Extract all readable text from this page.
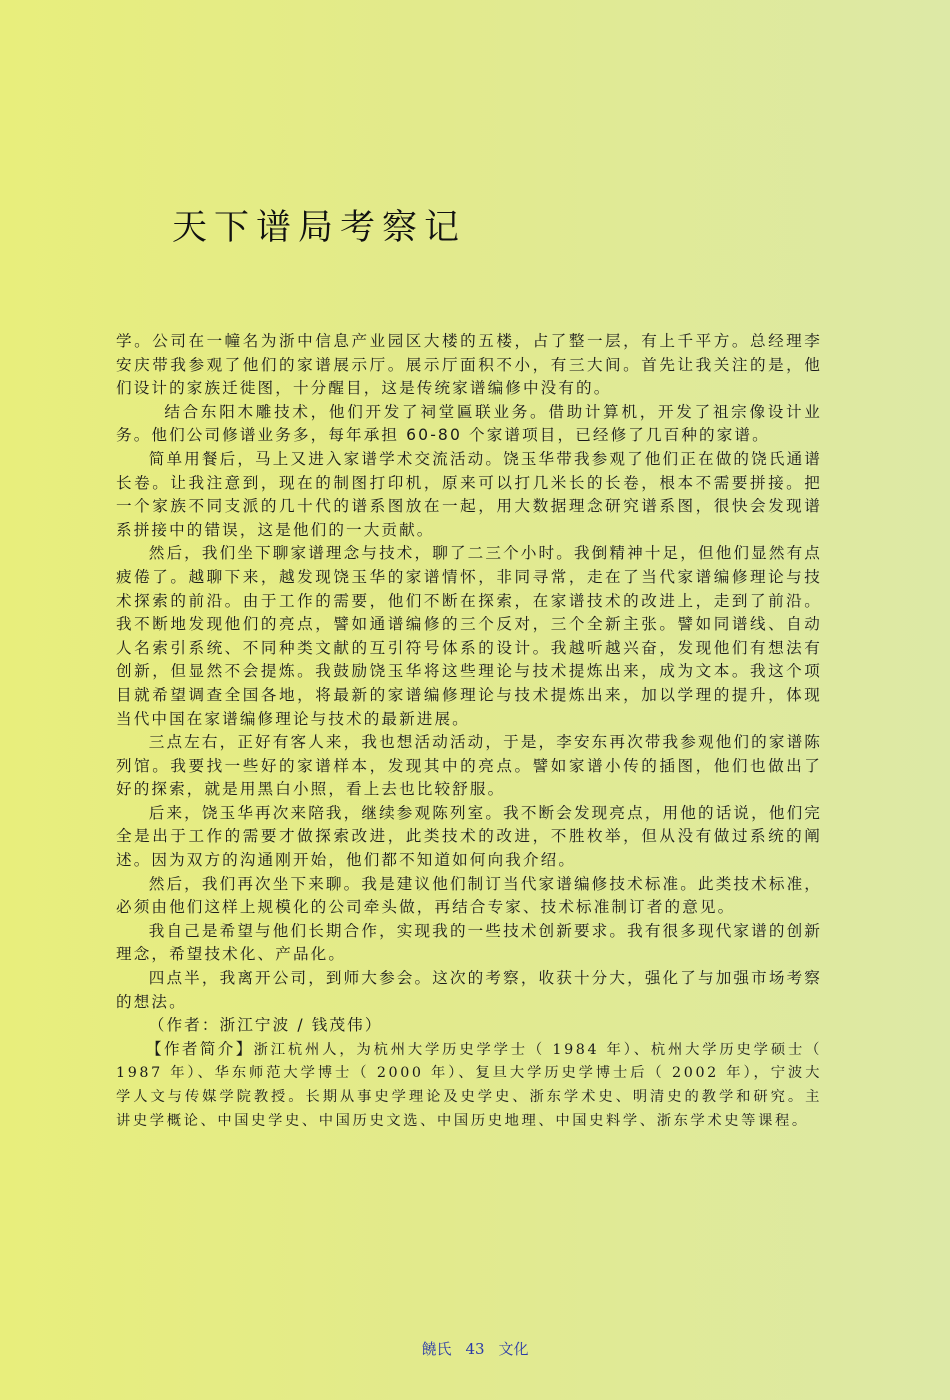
天下谱局考察记

学。公司在一幢名为浙中信息产业园区大楼的五楼，占了整一层，有上千平方。总经理李安庆带我参观了他们的家谱展示厅。展示厅面积不小，有三大间。首先让我关注的是，他们设计的家族迁徙图，十分醒目，这是传统家谱编修中没有的。

结合东阳木雕技术，他们开发了祠堂匾联业务。借助计算机，开发了祖宗像设计业务。他们公司修谱业务多，每年承担 60-80 个家谱项目，已经修了几百种的家谱。

简单用餐后，马上又进入家谱学术交流活动。饶玉华带我参观了他们正在做的饶氏通谱长卷。让我注意到，现在的制图打印机，原来可以打几米长的长卷，根本不需要拼接。把一个家族不同支派的几十代的谱系图放在一起，用大数据理念研究谱系图，很快会发现谱系拼接中的错误，这是他们的一大贡献。

然后，我们坐下聊家谱理念与技术，聊了二三个小时。我倒精神十足，但他们显然有点疲倦了。越聊下来，越发现饶玉华的家谱情怀，非同寻常，走在了当代家谱编修理论与技术探索的前沿。由于工作的需要，他们不断在探索，在家谱技术的改进上，走到了前沿。我不断地发现他们的亮点，譬如通谱编修的三个反对，三个全新主张。譬如同谱线、自动人名索引系统、不同种类文献的互引符号体系的设计。我越听越兴奋，发现他们有想法有创新，但显然不会提炼。我鼓励饶玉华将这些理论与技术提炼出来，成为文本。我这个项目就希望调查全国各地，将最新的家谱编修理论与技术提炼出来，加以学理的提升，体现当代中国在家谱编修理论与技术的最新进展。

三点左右，正好有客人来，我也想活动活动，于是，李安东再次带我参观他们的家谱陈列馆。我要找一些好的家谱样本，发现其中的亮点。譬如家谱小传的插图，他们也做出了好的探索，就是用黑白小照，看上去也比较舒服。

后来，饶玉华再次来陪我，继续参观陈列室。我不断会发现亮点，用他的话说，他们完全是出于工作的需要才做探索改进，此类技术的改进，不胜枚举，但从没有做过系统的阐述。因为双方的沟通刚开始，他们都不知道如何向我介绍。

然后，我们再次坐下来聊。我是建议他们制订当代家谱编修技术标准。此类技术标准，必须由他们这样上规模化的公司牵头做，再结合专家、技术标准制订者的意见。

我自己是希望与他们长期合作，实现我的一些技术创新要求。我有很多现代家谱的创新理念，希望技术化、产品化。

四点半，我离开公司，到师大参会。这次的考察，收获十分大，强化了与加强市场考察的想法。

（作者：浙江宁波 / 钱茂伟）

【作者简介】浙江杭州人，为杭州大学历史学学士（ 1984 年）、杭州大学历史学硕士（ 1987 年）、华东师范大学博士（ 2000 年）、复旦大学历史学博士后（ 2002 年），宁波大学人文与传媒学院教授。长期从事史学理论及史学史、浙东学术史、明清史的教学和研究。主讲史学概论、中国史学史、中国历史文选、中国历史地理、中国史料学、浙东学术史等课程。

饒氏 43 文化
